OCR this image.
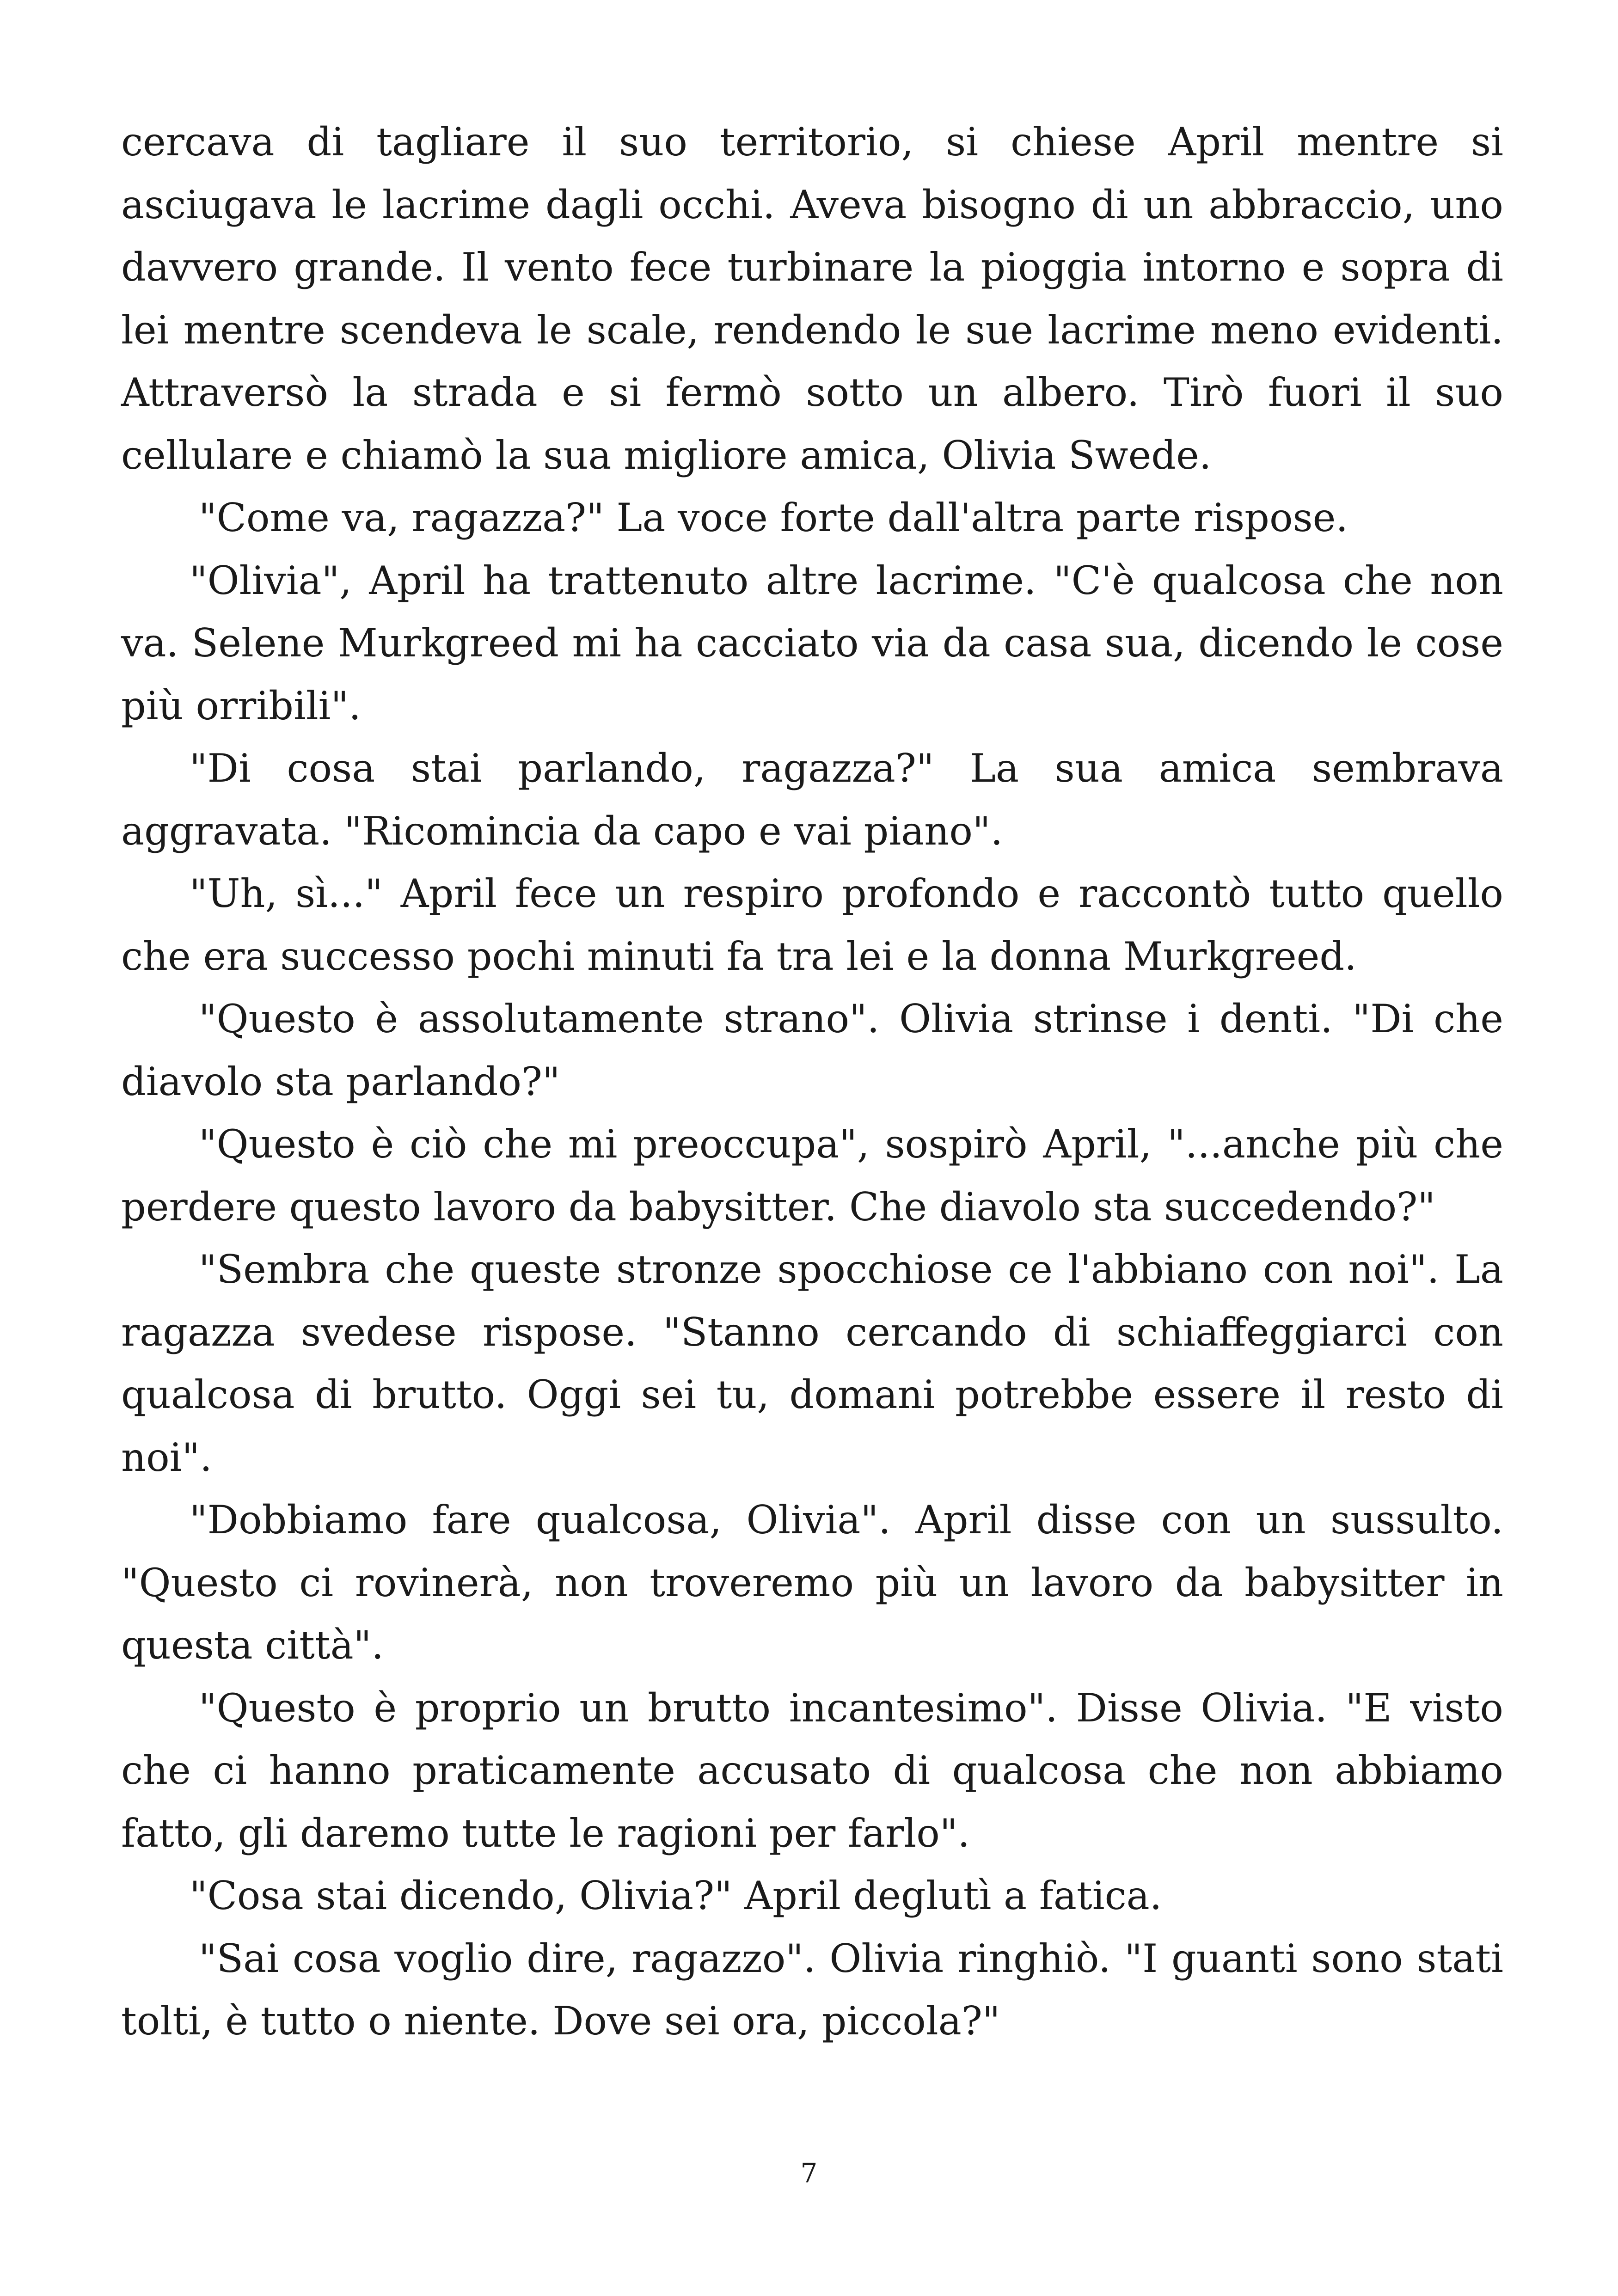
cercava di tagliare il suo territorio, si chiese April mentre si asciugava le lacrime dagli occhi. Aveva bisogno di un abbraccio, uno davvero grande. Il vento fece turbinare la pioggia intorno e sopra di lei mentre scendeva le scale, rendendo le sue lacrime meno evidenti. Attraversò la strada e si fermò sotto un albero. Tirò fuori il suo cellulare e chiamò la sua migliore amica, Olivia Swede.

"Come va, ragazza?" La voce forte dall'altra parte rispose.

"Olivia", April ha trattenuto altre lacrime. "C'è qualcosa che non va. Selene Murkgreed mi ha cacciato via da casa sua, dicendo le cose più orribili".

"Di cosa stai parlando, ragazza?" La sua amica sembrava aggravata. "Ricomincia da capo e vai piano".

"Uh, sì..." April fece un respiro profondo e raccontò tutto quello che era successo pochi minuti fa tra lei e la donna Murkgreed.

"Questo è assolutamente strano". Olivia strinse i denti. "Di che diavolo sta parlando?"

"Questo è ciò che mi preoccupa", sospirò April, "...anche più che perdere questo lavoro da babysitter. Che diavolo sta succedendo?"

"Sembra che queste stronze spocchiose ce l'abbiano con noi". La ragazza svedese rispose. "Stanno cercando di schiaffeggiarci con qualcosa di brutto. Oggi sei tu, domani potrebbe essere il resto di noi".

"Dobbiamo fare qualcosa, Olivia". April disse con un sussulto. "Questo ci rovinerà, non troveremo più un lavoro da babysitter in questa città".

"Questo è proprio un brutto incantesimo". Disse Olivia. "E visto che ci hanno praticamente accusato di qualcosa che non abbiamo fatto, gli daremo tutte le ragioni per farlo".

"Cosa stai dicendo, Olivia?" April deglutì a fatica.

"Sai cosa voglio dire, ragazzo". Olivia ringhiò. "I guanti sono stati tolti, è tutto o niente. Dove sei ora, piccola?"

7
